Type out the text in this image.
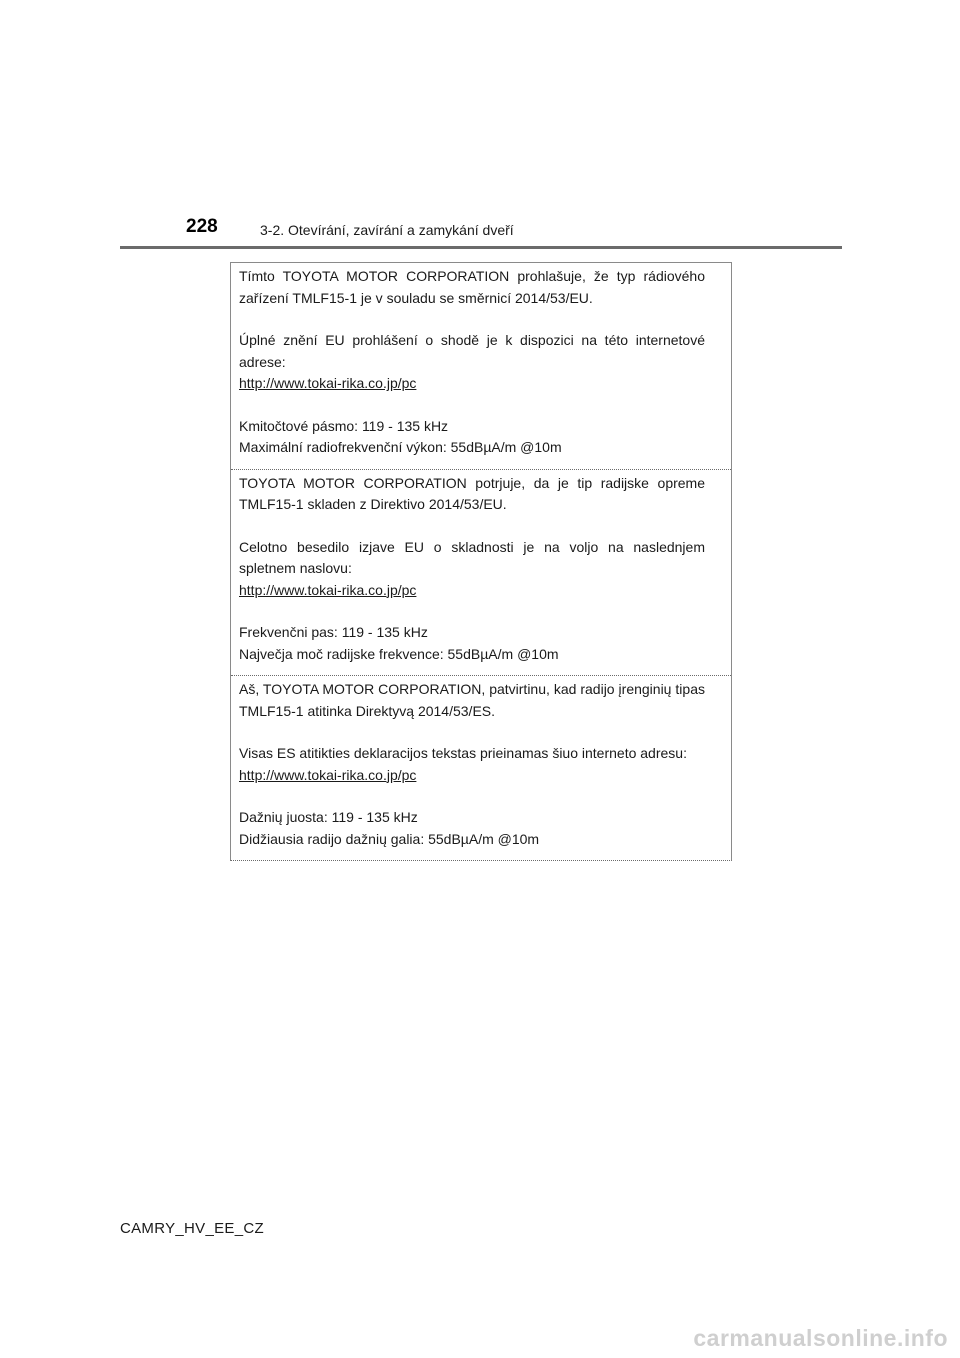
228	3-2. Otevírání, zavírání a zamykání dveří

Tímto TOYOTA MOTOR CORPORATION prohlašuje, že typ rádiového zařízení TMLF15-1 je v souladu se směrnicí 2014/53/EU.

Úplné znění EU prohlášení o shodě je k dispozici na této internetové adrese:

http://www.tokai-rika.co.jp/pc

Kmitočtové pásmo: 119 - 135 kHz

Maximální radiofrekvenční výkon: 55dBµA/m @10m

TOYOTA MOTOR CORPORATION potrjuje, da je tip radijske opreme TMLF15-1 skladen z Direktivo 2014/53/EU.

Celotno besedilo izjave EU o skladnosti je na voljo na naslednjem spletnem naslovu:

http://www.tokai-rika.co.jp/pc

Frekvenčni pas: 119 - 135 kHz

Največja moč radijske frekvence: 55dBµA/m @10m

Aš, TOYOTA MOTOR CORPORATION, patvirtinu, kad radijo įrenginių tipas TMLF15-1 atitinka Direktyvą 2014/53/ES.

Visas ES atitikties deklaracijos tekstas prieinamas šiuo interneto adresu:

http://www.tokai-rika.co.jp/pc

Dažnių juosta: 119 - 135 kHz

Didžiausia radijo dažnių galia: 55dBµA/m @10m

CAMRY_HV_EE_CZ
carmanualsonline.info
